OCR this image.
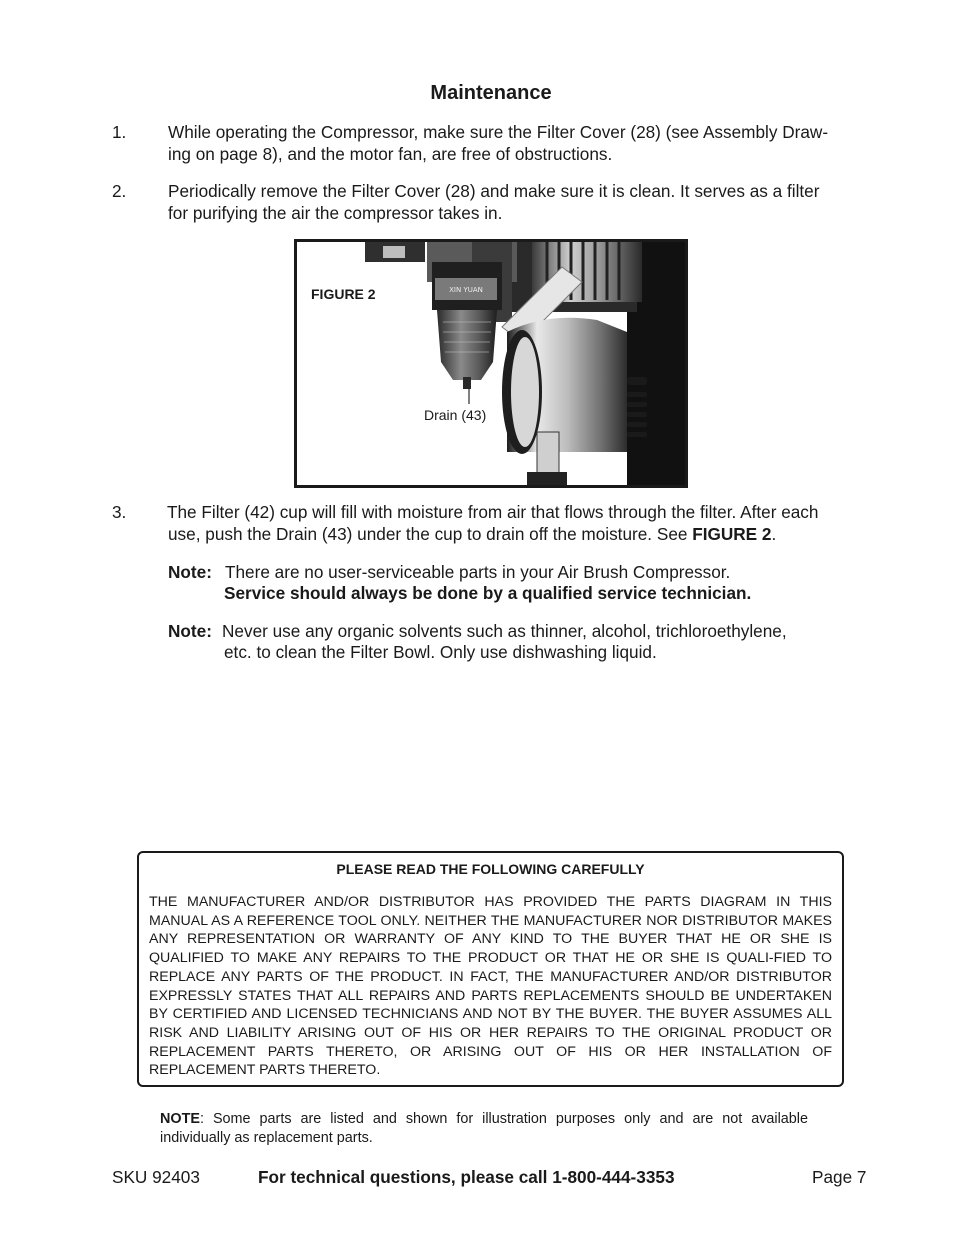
Maintenance
1. While operating the Compressor, make sure the Filter Cover (28) (see Assembly Draw-
ing on page 8), and the motor fan, are free of obstructions.
2. Periodically remove the Filter Cover (28) and make sure it is clean. It serves as a filter
for purifying the air the compressor takes in.
XIN YUAN
FIGURE 2
Drain (43)
3. The Filter (42) cup will fill with moisture from air that flows through the filter. After each
use, push the Drain (43) under the cup to drain off the moisture. See FIGURE 2.
Note: There are no user-serviceable parts in your Air Brush Compressor.
Service should always be done by a qualified service technician.
Note: Never use any organic solvents such as thinner, alcohol, trichloroethylene,
etc. to clean the Filter Bowl. Only use dishwashing liquid.
PLEASE READ THE FOLLOWING CAREFULLY
THE MANUFACTURER AND/OR DISTRIBUTOR HAS PROVIDED THE PARTS DIAGRAM IN THIS MANUAL AS A REFERENCE TOOL ONLY. NEITHER THE MANUFACTURER NOR DISTRIBUTOR MAKES ANY REPRESENTATION OR WARRANTY OF ANY KIND TO THE BUYER THAT HE OR SHE IS QUALIFIED TO MAKE ANY REPAIRS TO THE PRODUCT OR THAT HE OR SHE IS QUALI-FIED TO REPLACE ANY PARTS OF THE PRODUCT. IN FACT, THE MANUFACTURER AND/OR DISTRIBUTOR EXPRESSLY STATES THAT ALL REPAIRS AND PARTS REPLACEMENTS SHOULD BE UNDERTAKEN BY CERTIFIED AND LICENSED TECHNICIANS AND NOT BY THE BUYER. THE BUYER ASSUMES ALL RISK AND LIABILITY ARISING OUT OF HIS OR HER REPAIRS TO THE ORIGINAL PRODUCT OR REPLACEMENT PARTS THERETO, OR ARISING OUT OF HIS OR HER INSTALLATION OF REPLACEMENT PARTS THERETO.
NOTE: Some parts are listed and shown for illustration purposes only and are not available individually as replacement parts.
SKU 92403	For technical questions, please call 1-800-444-3353	Page 7
